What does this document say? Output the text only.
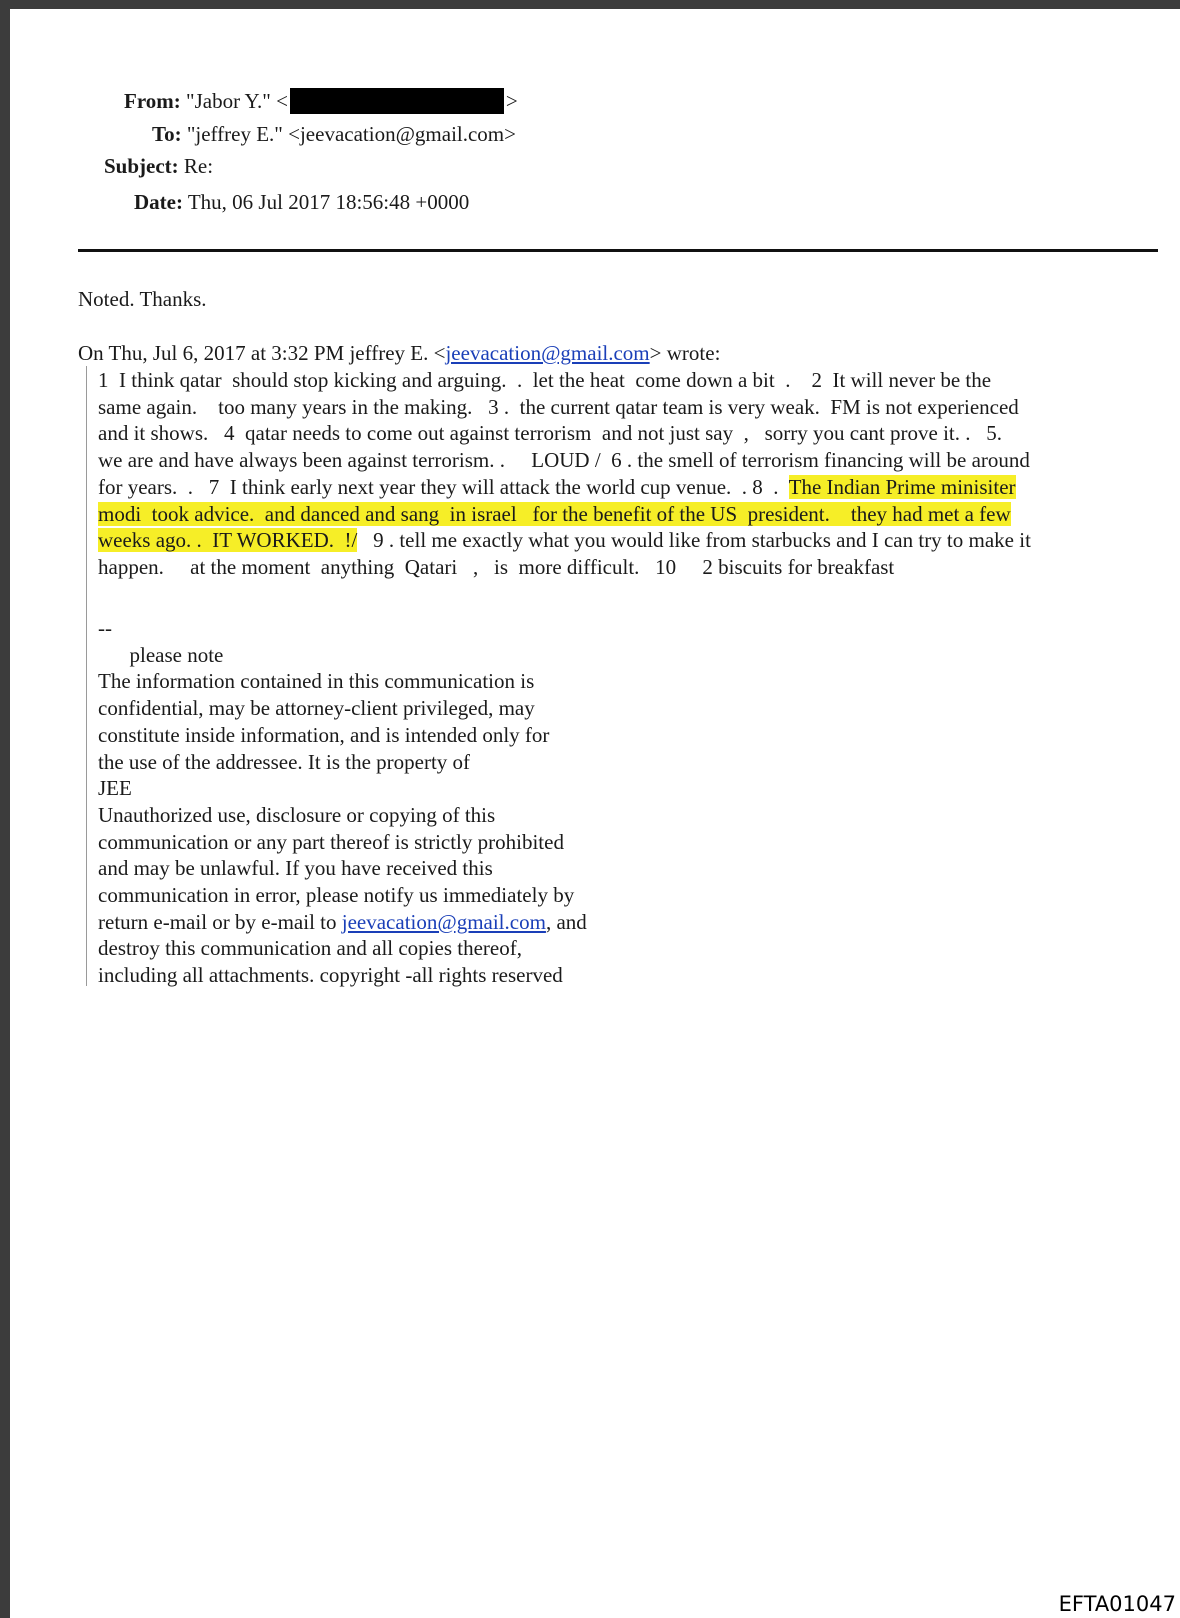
From: "Jabor Y." <	>
To: "jeffrey E." <jeevacation@gmail.com>
Subject: Re:
Date: Thu, 06 Jul 2017 18:56:48 +0000
Noted. Thanks.
On Thu, Jul 6, 2017 at 3:32 PM jeffrey E. <jeevacation@gmail.com> wrote:
1  I think qatar  should stop kicking and arguing.  .  let the heat  come down a bit  .    2  It will never be the
same again.    too many years in the making.   3 .  the current qatar team is very weak.  FM is not experienced
and it shows.   4  qatar needs to come out against terrorism  and not just say  ,   sorry you cant prove it. .   5.
we are and have always been against terrorism. .     LOUD /  6 . the smell of terrorism financing will be around
for years.  .   7  I think early next year they will attack the world cup venue.  . 8  .  The Indian Prime minisiter
modi  took advice.  and danced and sang  in israel   for the benefit of the US  president.    they had met a few
weeks ago. .  IT WORKED.  !/   9 . tell me exactly what you would like from starbucks and I can try to make it
happen.     at the moment  anything  Qatari   ,   is  more difficult.   10     2 biscuits for breakfast
--
please note
The information contained in this communication is
confidential, may be attorney-client privileged, may
constitute inside information, and is intended only for
the use of the addressee. It is the property of
JEE
Unauthorized use, disclosure or copying of this
communication or any part thereof is strictly prohibited
and may be unlawful. If you have received this
communication in error, please notify us immediately by
return e-mail or by e-mail to jeevacation@gmail.com, and
destroy this communication and all copies thereof,
including all attachments. copyright -all rights reserved
EFTA01047
